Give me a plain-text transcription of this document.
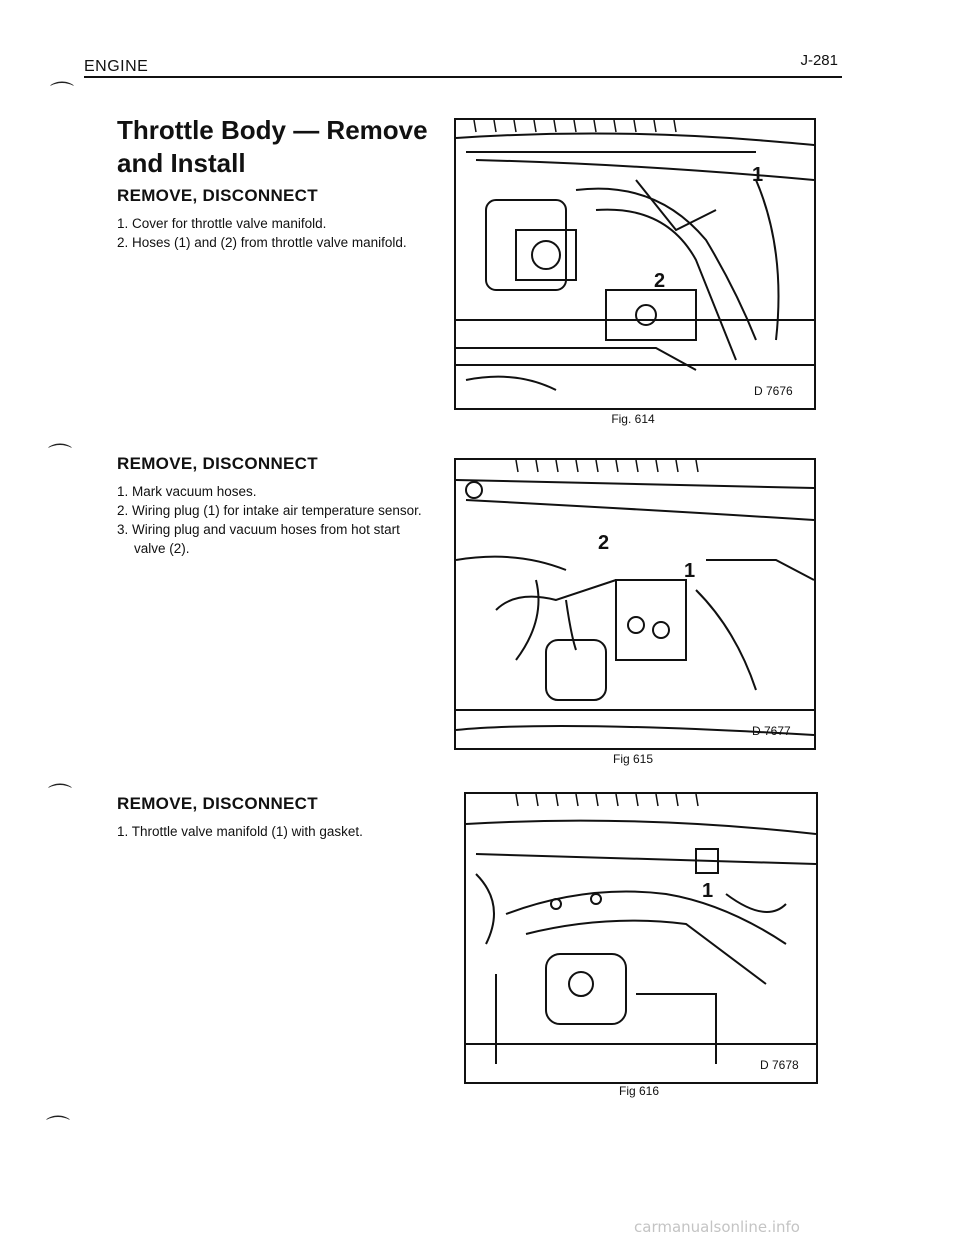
ENGINE	J-281
⌒
⌒
⌒
⌒
Throttle Body — Remove and Install
REMOVE, DISCONNECT
1. Cover for throttle valve manifold.
2. Hoses (1) and (2) from throttle valve manifold.
REMOVE, DISCONNECT
1. Mark vacuum hoses.
2. Wiring plug (1) for intake air temperature sensor.
3. Wiring plug and vacuum hoses from hot start valve (2).
REMOVE, DISCONNECT
1. Throttle valve manifold (1) with gasket.
1
2
D 7676
Fig. 614
2
1
D 7677
Fig 615
1
D 7678
Fig 616
carmanualsonline.info
